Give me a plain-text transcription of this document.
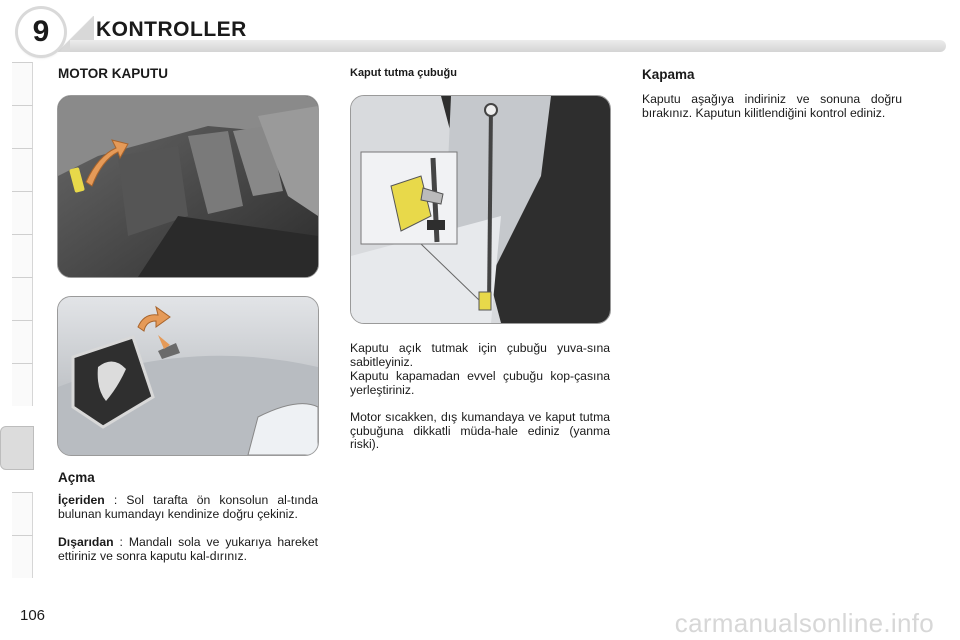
9	KONTROLLER
MOTOR KAPUTU
Açma

İçeriden : Sol tarafta ön konsolun al-tında bulunan kumandayı kendinize doğru çekiniz.

Dışarıdan : Mandalı sola ve yukarıya hareket ettiriniz ve sonra kaputu kal-dırınız.

Kaput tutma çubuğu

Kaputu açık tutmak için çubuğu yuva-sına sabitleyiniz.

Kaputu kapamadan evvel çubuğu kop-çasına yerleştiriniz.

Motor sıcakken, dış kumandaya ve kaput tutma çubuğuna dikkatli müda-hale ediniz (yanma riski).

Kapama

Kaputu aşağıya indiriniz ve sonuna doğru bırakınız. Kaputun kilitlendiğini kontrol ediniz.

106	carmanualsonline.info
